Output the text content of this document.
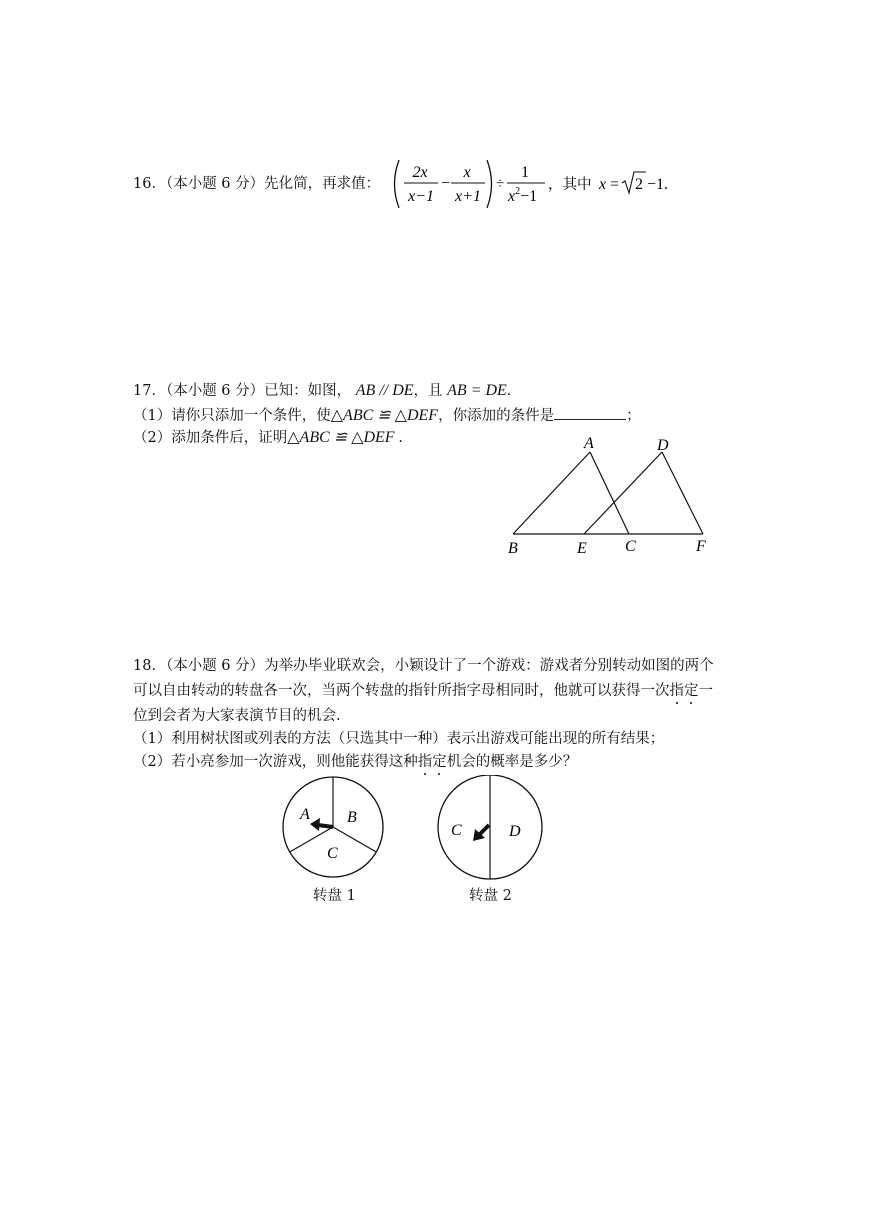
16．（本小题 6 分）先化简，再求值：
2x
x−1
−
x
x+1
÷
1
$x^2-1$
，其中 x = 2 −1.
17．（本小题 6 分）已知：如图， AB // DE，且 AB = DE.
（1）请你只添加一个条件，使△ABC ≌ △DEF，你添加的条件是	；
（2）添加条件后，证明△ABC ≌ △DEF .	A	D
B	E C	F
18．（本小题 6 分）为举办毕业联欢会，小颖设计了一个游戏：游戏者分别转动如图的两个
可以自由转动的转盘各一次，当两个转盘的指针所指字母相同时，他就可以获得一次指定一
位到会者为大家表演节目的机会.
（1）利用树状图或列表的方法（只选其中一种）表示出游戏可能出现的所有结果；
（2）若小亮参加一次游戏，则他能获得这种指定机会的概率是多少？
A B
C
转盘 1
C	D
转盘 2
